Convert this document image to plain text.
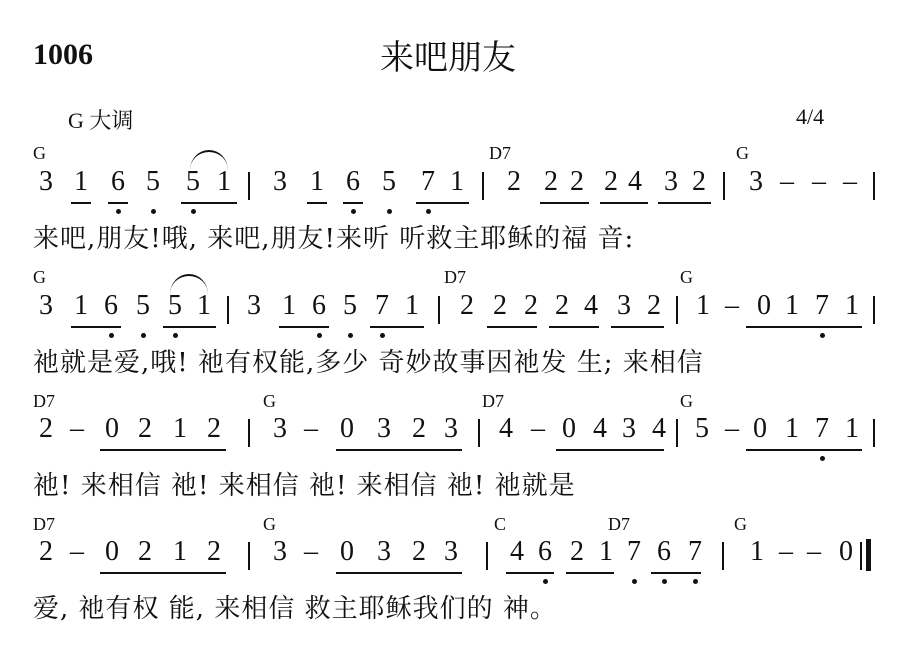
1006	来吧朋友
G 大调	4/4
G	D7	G
3 1 6 5 5 1 3 1 6 5 7 1 2 2 2 2 4 3 2 3 – – –
来吧,朋友!哦, 来吧,朋友!来听 听救主耶稣的福 音:
G	D7	G
3 1 6 5 5 1 3 1 6 5 7 1 2 2 2 2 4 3 2 1 – 0 1 7 1
祂就是爱,哦! 祂有权能,多少 奇妙故事因祂发 生; 来相信
D7	G	D7	G
2 – 0 2 1 2 3 – 0 3 2 3 4 – 0 4 3 4 5 – 0 1 7 1
祂! 来相信 祂! 来相信 祂! 来相信 祂! 祂就是
D7	G	C	D7	G
2 – 0 2 1 2 3 – 0 3 2 3 4 6 2 1 7 6 7 1 – – 0
爱, 祂有权 能, 来相信 救主耶稣我们的 神。
